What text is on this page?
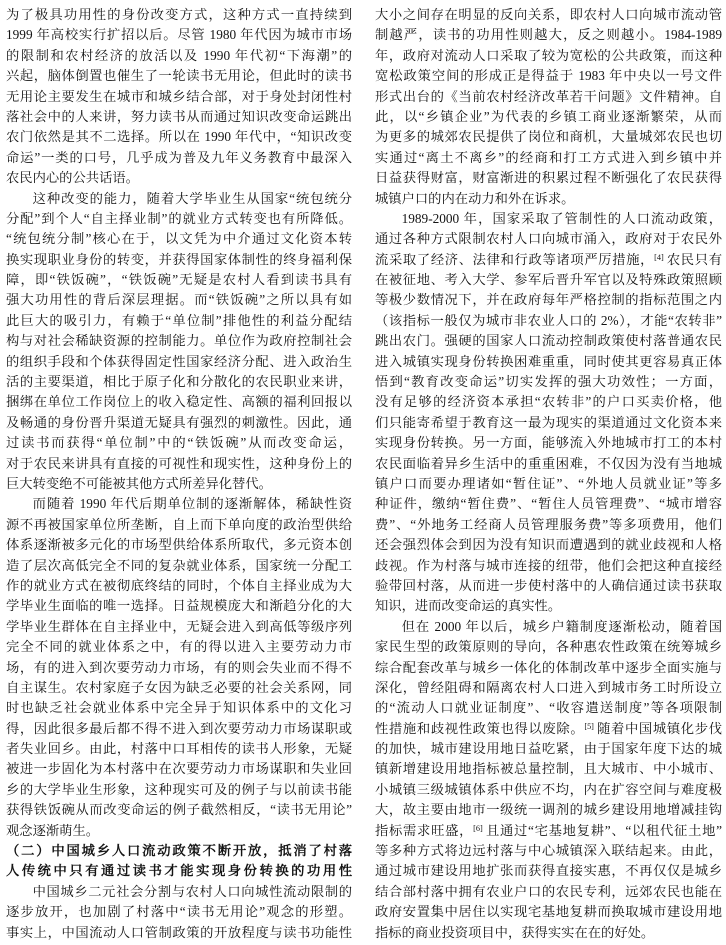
为了极具功用性的身份改变方式，这种方式一直持续到
1999 年高校实行扩招以后。尽管 1980 年代因为城市市场
的限制和农村经济的放活以及 1990 年代初“下海潮”的
兴起，脑体倒置也催生了一轮读书无用论，但此时的读书
无用论主要发生在城市和城乡结合部，对于身处封闭性村
落社会中的人来讲，努力读书从而通过知识改变命运跳出
农门依然是其不二选择。所以在 1990 年代中，“知识改变
命运”一类的口号，几乎成为普及九年义务教育中最深入
农民内心的公共话语。
这种改变的能力，随着大学毕业生从国家“统包统分
分配”到个人“自主择业制”的就业方式转变也有所降低。
“统包统分制”核心在于，以文凭为中介通过文化资本转
换实现职业身份的转变，并获得国家体制性的终身福利保
障，即“铁饭碗”，“铁饭碗”无疑是农村人看到读书具有
强大功用性的背后深层理据。而“铁饭碗”之所以具有如
此巨大的吸引力，有赖于“单位制”排他性的利益分配结
构与对社会稀缺资源的控制能力。单位作为政府控制社会
的组织手段和个体获得固定性国家经济分配、进入政治生
活的主要渠道，相比于原子化和分散化的农民职业来讲，
捆绑在单位工作岗位上的收入稳定性、高额的福利回报以
及畅通的身份晋升渠道无疑具有强烈的刺激性。因此，通
过读书而获得“单位制”中的“铁饭碗”从而改变命运，
对于农民来讲具有直接的可视性和现实性，这种身份上的
巨大转变绝不可能被其他方式所差异化替代。
而随着 1990 年代后期单位制的逐渐解体，稀缺性资
源不再被国家单位所垄断，自上而下单向度的政治型供给
体系逐渐被多元化的市场型供给体系所取代，多元资本创
造了层次高低完全不同的复杂就业体系，国家统一分配工
作的就业方式在被彻底终结的同时，个体自主择业成为大
学毕业生面临的唯一选择。日益规模庞大和渐趋分化的大
学毕业生群体在自主择业中，无疑会进入到高低等级序列
完全不同的就业体系之中，有的得以进入主要劳动力市
场，有的进入到次要劳动力市场，有的则会失业而不得不
自主谋生。农村家庭子女因为缺乏必要的社会关系网，同
时也缺乏社会就业体系中完全异于知识体系中的文化习
得，因此很多最后都不得不进入到次要劳动力市场谋职或
者失业回乡。由此，村落中口耳相传的读书人形象，无疑
被进一步固化为本村落中在次要劳动力市场谋职和失业回
乡的大学毕业生形象，这种现实可及的例子与以前读书能
获得铁饭碗从而改变命运的例子截然相反，“读书无用论”
观念逐渐萌生。
（二）中国城乡人口流动政策不断开放，抵消了村落
人传统中只有通过读书才能实现身份转换的功用性
中国城乡二元社会分割与农村人口向城性流动限制的
逐步放开，也加剧了村落中“读书无用论”观念的形塑。
事实上，中国流动人口管制政策的开放程度与读书功能性
大小之间存在明显的反向关系，即农村人口向城市流动管
制越严，读书的功用性则越大，反之则越小。1984-1989
年，政府对流动人口采取了较为宽松的公共政策，而这种
宽松政策空间的形成正是得益于 1983 年中央以一号文件
形式出台的《当前农村经济改革若干问题》文件精神。自
此，以“乡镇企业”为代表的乡镇工商业逐渐繁荣，从而
为更多的城郊农民提供了岗位和商机，大量城郊农民也切
实通过“离土不离乡”的经商和打工方式进入到乡镇中并
日益获得财富，财富渐进的积累过程不断强化了农民获得
城镇户口的内在动力和外在诉求。
1989-2000 年，国家采取了管制性的人口流动政策，
通过各种方式限制农村人口向城市涌入，政府对于农民外
流采取了经济、法律和行政等诸项严厉措施，[4] 农民只有
在被征地、考入大学、参军后晋升军官以及特殊政策照顾
等极少数情况下，并在政府每年严格控制的指标范围之内
（该指标一般仅为城市非农业人口的 2%），才能“农转非”
跳出农门。强硬的国家人口流动控制政策使村落普通农民
进入城镇实现身份转换困难重重，同时使其更容易真正体
悟到“教育改变命运”切实发挥的强大功效性；一方面，
没有足够的经济资本承担“农转非”的户口买卖价格，他
们只能寄希望于教育这一最为现实的渠道通过文化资本来
实现身份转换。另一方面，能够流入外地城市打工的本村
农民面临着异乡生活中的重重困难，不仅因为没有当地城
镇户口而要办理诸如“暂住证”、“外地人员就业证”等多
种证件，缴纳“暂住费”、“暂住人员管理费”、“城市增容
费”、“外地务工经商人员管理服务费”等多项费用，他们
还会强烈体会到因为没有知识而遭遇到的就业歧视和人格
歧视。作为村落与城市连接的纽带，他们会把这种直接经
验带回村落，从而进一步使村落中的人确信通过读书获取
知识，进而改变命运的真实性。
但在 2000 年以后，城乡户籍制度逐渐松动，随着国
家民生型的政策原则的导向，各种惠农性政策在统筹城乡
综合配套改革与城乡一体化的体制改革中逐步全面实施与
深化，曾经阻碍和隔离农村人口进入到城市务工时所设立
的“流动人口就业证制度”、“收容遣送制度”等各项限制
性措施和歧视性政策也得以废除。[5] 随着中国城镇化步伐
的加快，城市建设用地日益吃紧，由于国家年度下达的城
镇新增建设用地指标被总量控制，且大城市、中小城市、
小城镇三级城镇体系中供应不均，内在扩容空间与难度极
大，故主要由地市一级统一调剂的城乡建设用地增减挂钩
指标需求旺盛，[6] 且通过“宅基地复耕”、“以租代征土地”
等多种方式将边远村落与中心城镇深入联结起来。由此，
通过城市建设用地扩张而获得直接实惠，不再仅仅是城乡
结合部村落中拥有农业户口的农民专利，远郊农民也能在
政府安置集中居住以实现宅基地复耕而换取城市建设用地
指标的商业投资项目中，获得实实在在的好处。
